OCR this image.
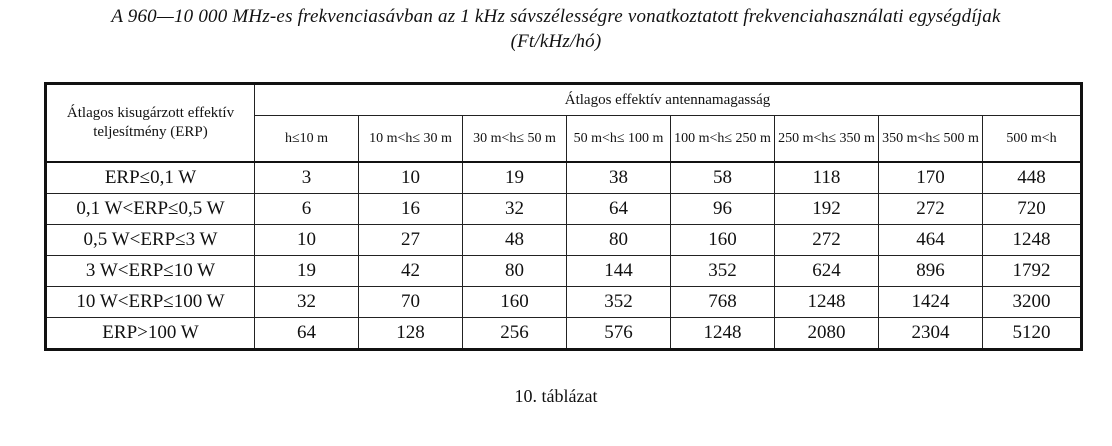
A 960—10 000 MHz-es frekvenciasávban az 1 kHz sávszélességre vonatkoztatott frekvenciahasználati egységdíjak
(Ft/kHz/hó)
Átlagos kisugárzott effektív teljesítmény (ERP)	Átlagos effektív antennamagasság							
	h≤10 m	10 m<h≤ 30 m	30 m<h≤ 50 m	50 m<h≤ 100 m	100 m<h≤ 250 m	250 m<h≤ 350 m	350 m<h≤ 500 m	500 m<h
ERP≤0,1 W	3	10	19	38	58	118	170	448
0,1 W<ERP≤0,5 W	6	16	32	64	96	192	272	720
0,5 W<ERP≤3 W	10	27	48	80	160	272	464	1248
3 W<ERP≤10 W	19	42	80	144	352	624	896	1792
10 W<ERP≤100 W	32	70	160	352	768	1248	1424	3200
ERP>100 W	64	128	256	576	1248	2080	2304	5120
10. táblázat
